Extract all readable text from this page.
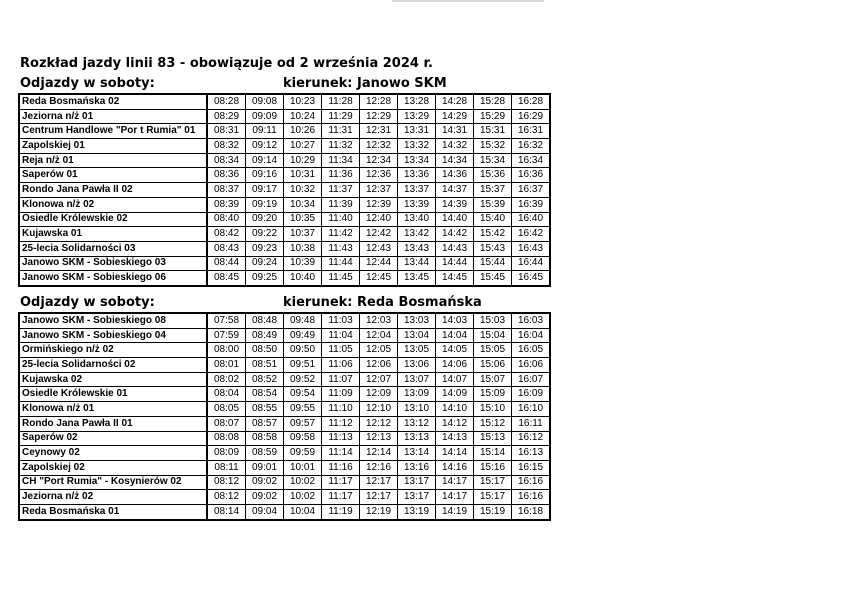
Rozkład jazdy linii 83 - obowiązuje od 2 września 2024 r.
Odjazdy w soboty:	kierunek: Janowo SKM
Reda Bosmańska 02	08:28	09:08	10:23	11:28	12:28	13:28	14:28	15:28	16:28
Jeziorna n/ż 01	08:29	09:09	10:24	11:29	12:29	13:29	14:29	15:29	16:29
Centrum Handlowe "Por t Rumia" 01	08:31	09:11	10:26	11:31	12:31	13:31	14:31	15:31	16:31
Zapolskiej 01	08:32	09:12	10:27	11:32	12:32	13:32	14:32	15:32	16:32
Reja n/ż 01	08:34	09:14	10:29	11:34	12:34	13:34	14:34	15:34	16:34
Saperów 01	08:36	09:16	10:31	11:36	12:36	13:36	14:36	15:36	16:36
Rondo Jana Pawła II 02	08:37	09:17	10:32	11:37	12:37	13:37	14:37	15:37	16:37
Klonowa n/ż 02	08:39	09:19	10:34	11:39	12:39	13:39	14:39	15:39	16:39
Osiedle Królewskie 02	08:40	09:20	10:35	11:40	12:40	13:40	14:40	15:40	16:40
Kujawska 01	08:42	09:22	10:37	11:42	12:42	13:42	14:42	15:42	16:42
25-lecia Solidarności 03	08:43	09:23	10:38	11:43	12:43	13:43	14:43	15:43	16:43
Janowo SKM - Sobieskiego 03	08:44	09:24	10:39	11:44	12:44	13:44	14:44	15:44	16:44
Janowo SKM - Sobieskiego 06	08:45	09:25	10:40	11:45	12:45	13:45	14:45	15:45	16:45
Odjazdy w soboty:	kierunek: Reda Bosmańska
Janowo SKM - Sobieskiego 08	07:58	08:48	09:48	11:03	12:03	13:03	14:03	15:03	16:03
Janowo SKM - Sobieskiego 04	07:59	08:49	09:49	11:04	12:04	13:04	14:04	15:04	16:04
Ormińskiego n/ż 02	08:00	08:50	09:50	11:05	12:05	13:05	14:05	15:05	16:05
25-lecia Solidarności 02	08:01	08:51	09:51	11:06	12:06	13:06	14:06	15:06	16:06
Kujawska 02	08:02	08:52	09:52	11:07	12:07	13:07	14:07	15:07	16:07
Osiedle Królewskie 01	08:04	08:54	09:54	11:09	12:09	13:09	14:09	15:09	16:09
Klonowa n/ż 01	08:05	08:55	09:55	11:10	12:10	13:10	14:10	15:10	16:10
Rondo Jana Pawła II 01	08:07	08:57	09:57	11:12	12:12	13:12	14:12	15:12	16:11
Saperów 02	08:08	08:58	09:58	11:13	12:13	13:13	14:13	15:13	16:12
Ceynowy 02	08:09	08:59	09:59	11:14	12:14	13:14	14:14	15:14	16:13
Zapolskiej 02	08:11	09:01	10:01	11:16	12:16	13:16	14:16	15:16	16:15
CH "Port Rumia" - Kosynierów 02	08:12	09:02	10:02	11:17	12:17	13:17	14:17	15:17	16:16
Jeziorna n/ż 02	08:12	09:02	10:02	11:17	12:17	13:17	14:17	15:17	16:16
Reda Bosmańska 01	08:14	09:04	10:04	11:19	12:19	13:19	14:19	15:19	16:18
